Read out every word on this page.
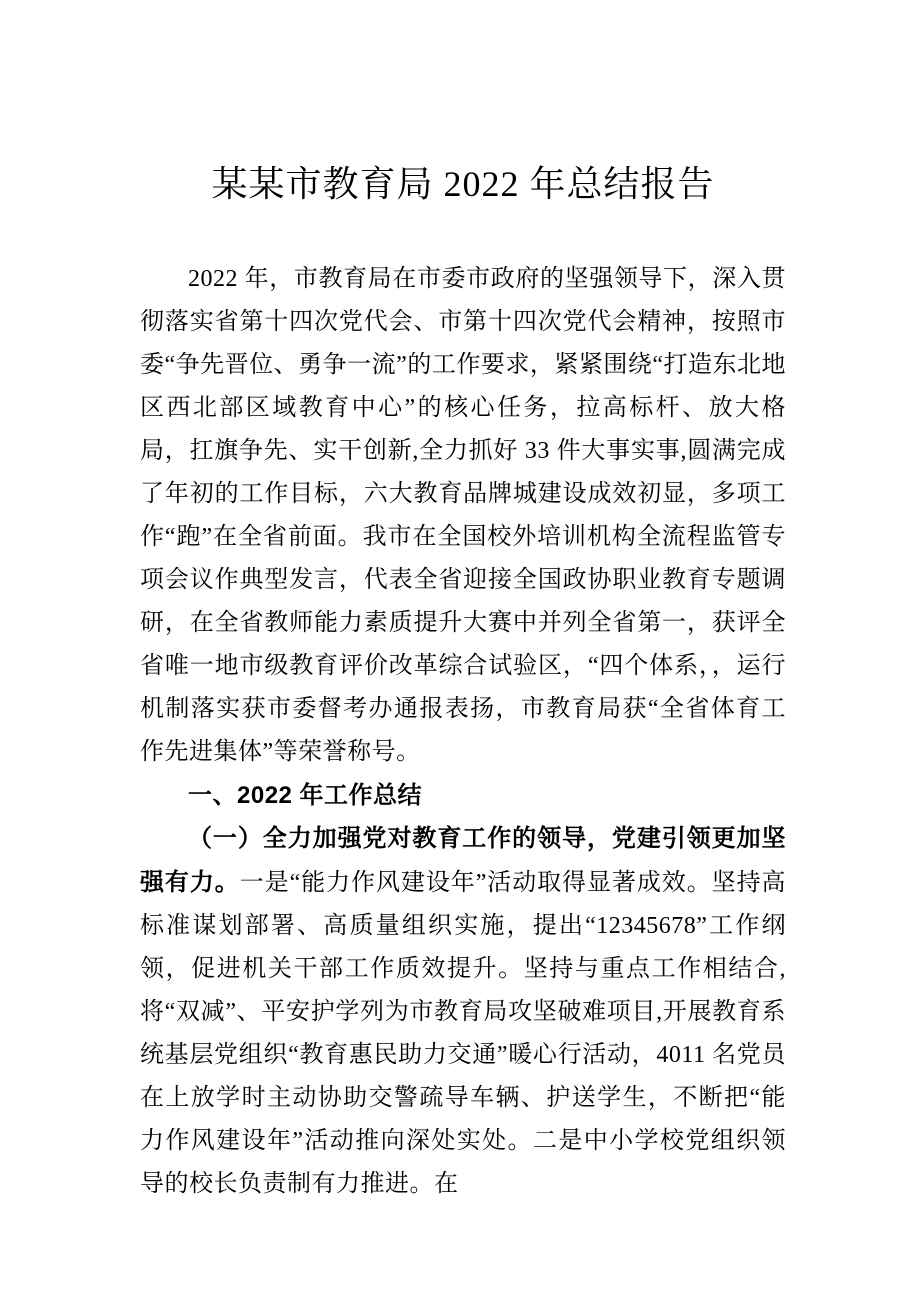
某某市教育局 2022 年总结报告

2022 年，市教育局在市委市政府的坚强领导下，深入贯彻落实省第十四次党代会、市第十四次党代会精神，按照市委“争先晋位、勇争一流”的工作要求，紧紧围绕“打造东北地区西北部区域教育中心”的核心任务，拉高标杆、放大格局，扛旗争先、实干创新,全力抓好 33 件大事实事,圆满完成了年初的工作目标，六大教育品牌城建设成效初显，多项工作“跑”在全省前面。我市在全国校外培训机构全流程监管专项会议作典型发言，代表全省迎接全国政协职业教育专题调研，在全省教师能力素质提升大赛中并列全省第一，获评全省唯一地市级教育评价改革综合试验区，“四个体系，，运行机制落实获市委督考办通报表扬，市教育局获“全省体育工作先进集体”等荣誉称号。

一、2022 年工作总结

（一）全力加强党对教育工作的领导，党建引领更加坚强有力。一是“能力作风建设年”活动取得显著成效。坚持高标准谋划部署、高质量组织实施，提出“12345678”工作纲领，促进机关干部工作质效提升。坚持与重点工作相结合,将“双减”、平安护学列为市教育局攻坚破难项目,开展教育系统基层党组织“教育惠民助力交通”暖心行活动，4011 名党员在上放学时主动协助交警疏导车辆、护送学生，不断把“能力作风建设年”活动推向深处实处。二是中小学校党组织领导的校长负责制有力推进。在
